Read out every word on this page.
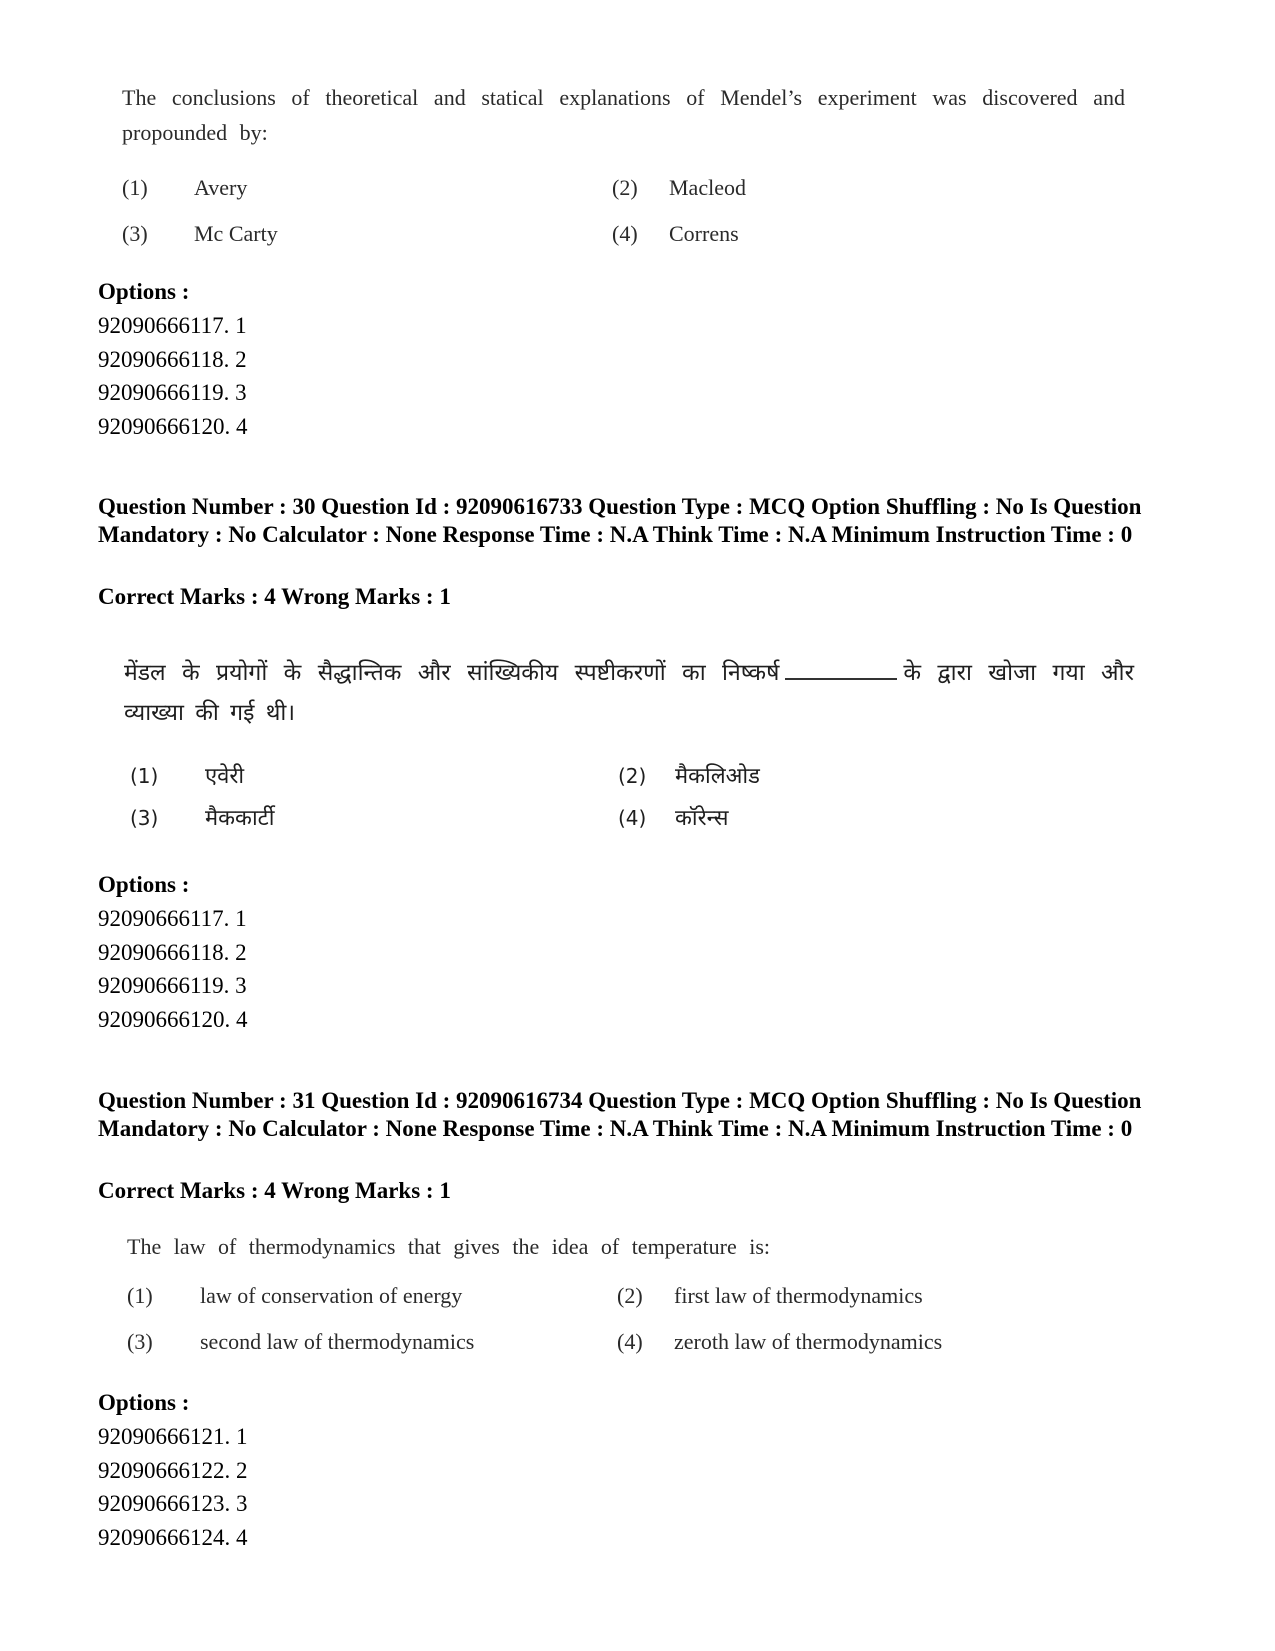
The conclusions of theoretical and statical explanations of Mendel’s experiment was discovered and propounded by:
(1) Avery	(2) Macleod
(3) Mc Carty	(4) Correns
Options :
92090666117. 1
92090666118. 2
92090666119. 3
92090666120. 4
Question Number : 30 Question Id : 92090616733 Question Type : MCQ Option Shuffling : No Is Question Mandatory : No Calculator : None Response Time : N.A Think Time : N.A Minimum Instruction Time : 0
Correct Marks : 4 Wrong Marks : 1
मेंडल के प्रयोगों के सैद्धान्तिक और सांख्यिकीय स्पष्टीकरणों का निष्कर्ष	के द्वारा खोजा गया और व्याख्या की गई थी।
(1) एवेरी	(2) मैकलिओड
(3) मैककार्टी	(4) कॉरेन्स
Options :
92090666117. 1
92090666118. 2
92090666119. 3
92090666120. 4
Question Number : 31 Question Id : 92090616734 Question Type : MCQ Option Shuffling : No Is Question Mandatory : No Calculator : None Response Time : N.A Think Time : N.A Minimum Instruction Time : 0
Correct Marks : 4 Wrong Marks : 1
The law of thermodynamics that gives the idea of temperature is:
(1) law of conservation of energy	(2) first law of thermodynamics
(3) second law of thermodynamics	(4) zeroth law of thermodynamics
Options :
92090666121. 1
92090666122. 2
92090666123. 3
92090666124. 4
